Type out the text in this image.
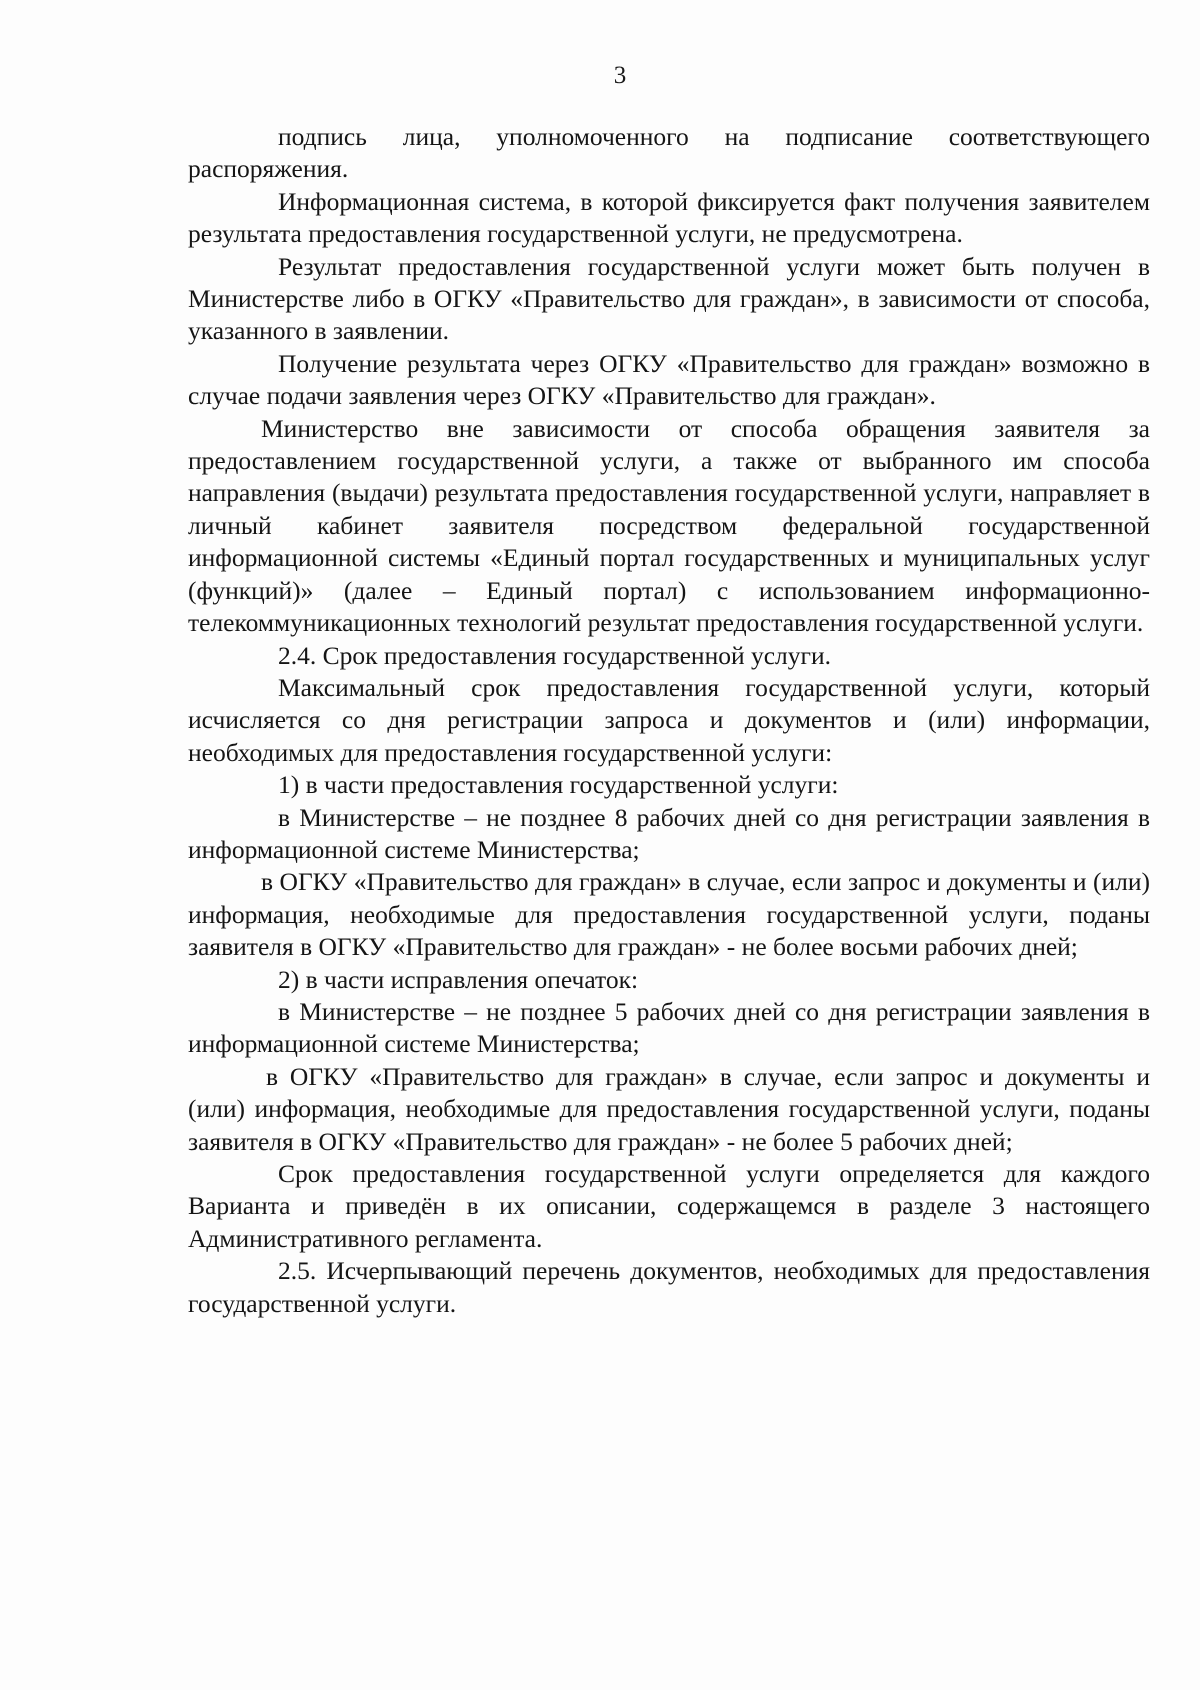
3

подпись лица, уполномоченного на подписание соответствующего распоряжения.

Информационная система, в которой фиксируется факт получения заявителем результата предоставления государственной услуги, не предусмотрена.

Результат предоставления государственной услуги может быть получен в Министерстве либо в ОГКУ «Правительство для граждан», в зависимости от способа, указанного в заявлении.

Получение результата через ОГКУ «Правительство для граждан» возможно в случае подачи заявления через ОГКУ «Правительство для граждан».

Министерство вне зависимости от способа обращения заявителя за предоставлением государственной услуги, а также от выбранного им способа направления (выдачи) результата предоставления государственной услуги, направляет в личный кабинет заявителя посредством федеральной государственной информационной системы «Единый портал государственных и муниципальных услуг (функций)» (далее – Единый портал) с использованием информационно-телекоммуникационных технологий результат предоставления государственной услуги.

2.4. Срок предоставления государственной услуги.

Максимальный срок предоставления государственной услуги, который исчисляется со дня регистрации запроса и документов и (или) информации, необходимых для предоставления государственной услуги:

1) в части предоставления государственной услуги:

в Министерстве – не позднее 8 рабочих дней со дня регистрации заявления в информационной системе Министерства;

в ОГКУ «Правительство для граждан» в случае, если запрос и документы и (или) информация, необходимые для предоставления государственной услуги, поданы заявителя в ОГКУ «Правительство для граждан» - не более восьми рабочих дней;

2) в части исправления опечаток:

в Министерстве – не позднее 5 рабочих дней со дня регистрации заявления в информационной системе Министерства;

в ОГКУ «Правительство для граждан» в случае, если запрос и документы и (или) информация, необходимые для предоставления государственной услуги, поданы заявителя в ОГКУ «Правительство для граждан» - не более 5 рабочих дней;

Срок предоставления государственной услуги определяется для каждого Варианта и приведён в их описании, содержащемся в разделе 3 настоящего Административного регламента.

2.5. Исчерпывающий перечень документов, необходимых для предоставления государственной услуги.
